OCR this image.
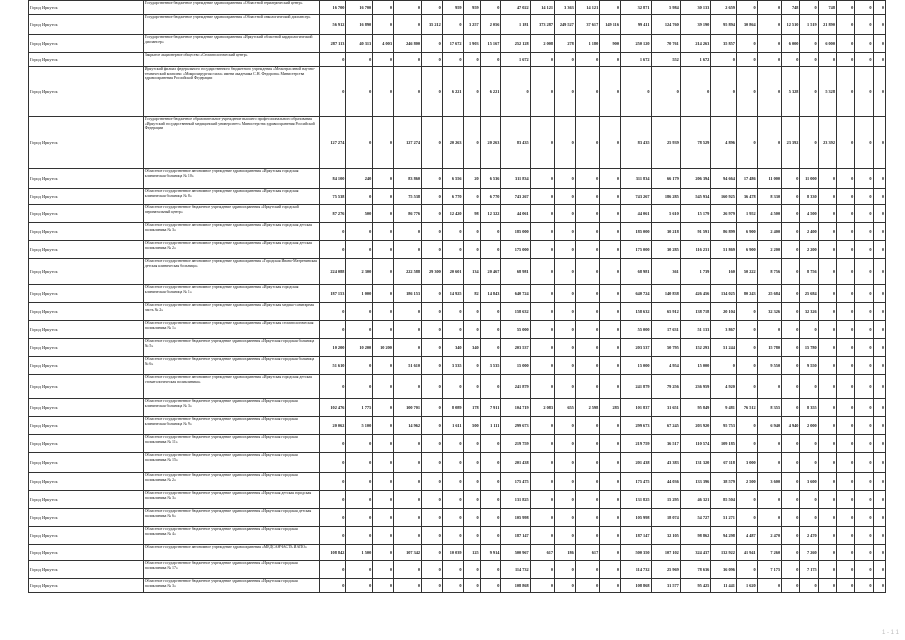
Город Иркутск	Государственное бюджетное учреждение здравоохранения «Областной гериатрический центр»	16 700	16 700	0	0	0	959	959	0	47 022	14 121	3 363	14 121	0	32 871	5 984	30 133	2 659	0	0	748	0	748	0	0	0
Город Иркутск	Государственное бюджетное учреждение здравоохранения «Областной онкологический диспансер»	56 912	16 890	0	0	35 212	0	3 257	2 056	1 181	373 287	249 527	37 617	149 116	99 411	124 760	39 190	95 894	30 864	0	12 510	1 519	21 890	0	0	0
Город Иркутск	Государственное бюджетное учреждение здравоохранения «Иркутский областной кардиологический диспансер»	287 113	40 313	4 003	246 800	0	17 672	1 903	15 167	252 128	2 008	278	1 180	900	250 120	70 761	214 263	35 857	0	0	6 000	0	6 000	0	0	0
Город Иркутск	Закрытое акционерное общество «Стоматологический центр»	0	0	0	0	0	0	0	0	1 672	0	0	0	0	1 672	552	1 672	0	0	0	0	0	0	0	0	0
Город Иркутск	Иркутский филиал федерального государственного бюджетного учреждения «Межотраслевой научно-технический комплекс «Микрохирургия глаза» имени академика С.Н. Федорова» Министерства здравоохранения Российской Федерации	0	0	0	0	0	6 221	0	6 221	0	0	0	0	0	0	0	0	0	0	0	5 328	0	5 328	0	0	0
Город Иркутск	Государственное бюджетное образовательное учреждение высшего профессионального образования «Иркутский государственный медицинский университет» Министерства здравоохранения Российской Федерации	127 274	0	0	127 274	0	20 263	0	20 263	83 435	0	0	0	0	83 435	25 939	78 529	4 896	0	0	23 392	0	23 392	0	0	0
Город Иркутск	Областное государственное автономное учреждение здравоохранения «Иркутская городская клиническая больница № 10»	84 100	240	0	83 860	0	6 556	20	6 536	311 834	0	0	0	0	311 834	66 179	206 394	94 664	17 486	11 000	0	11 000	0	0	0	0
Город Иркутск	Областное государственное автономное учреждение здравоохранения «Иркутская городская клиническая больница № 8»	75 538	0	0	75 538	0	6 770	0	6 770	743 267	0	0	0	0	743 267	186 285	545 934	160 925	36 478	8 330	0	8 330	0	0	0	0
Город Иркутск	Областное государственное бюджетное учреждение здравоохранения «Иркутский городской перинатальный центр»	87 276	500	0	86 776	0	12 420	98	12 322	44 061	0	0	0	0	44 061	5 610	15 179	26 979	1 952	4 500	0	4 500	0	0	0	0
Город Иркутск	Областное государственное автономное учреждение здравоохранения «Иркутская городская детская поликлиника № 3»	0	0	0	0	0	0	0	0	185 000	0	0	0	0	185 000	30 218	91 591	86 899	6 900	2 400	0	2 400	0	0	0	0
Город Иркутск	Областное государственное автономное учреждение здравоохранения «Иркутская городская детская поликлиника № 2»	0	0	0	0	0	0	0	0	175 000	0	0	0	0	175 000	30 285	116 231	51 869	6 900	2 200	0	2 200	0	0	0	0
Город Иркутск	Областное государственное автономное учреждение здравоохранения «Городская Ивано-Матренинская детская клиническая больница»	224 088	2 300	0	222 588	29 300	20 601	134	20 467	68 981	0	0	0	0	68 981	361	1 739	160	50 222	8 756	0	8 756	0	0	0	0
Город Иркутск	Областное государственное автономное учреждение здравоохранения «Иркутская городская клиническая больница № 1»	187 153	1 000	0	186 153	0	14 925	82	14 843	640 724	0	0	0	0	640 724	140 838	426 456	134 025	80 243	25 684	0	25 684	0	0	0	0
Город Иркутск	Областное государственное автономное учреждение здравоохранения «Иркутская медико-санитарная часть № 2»	0	0	0	0	0	0	0	0	158 632	0	0	0	0	158 632	65 912	138 718	20 104	0	32 326	0	32 326	0	0	0	0
Город Иркутск	Областное государственное автономное учреждение здравоохранения «Иркутская стоматологическая поликлиника № 1»	0	0	0	0	0	0	0	0	55 000	0	0	0	0	55 000	17 631	51 133	3 867	0	0	0	0	0	0	0	0
Город Иркутск	Областное государственное бюджетное учреждение здравоохранения «Иркутская городская больница № 5»	10 200	10 200	10 200	0	0	340	340	0	203 537	0	0	0	0	203 537	50 795	152 293	51 244	0	15 780	0	15 780	0	0	0	0
Город Иркутск	Областное государственное бюджетное учреждение здравоохранения «Иркутская городская больница № 6»	51 610	0	0	51 610	0	3 535	0	3 535	15 000	0	0	0	0	15 000	4 954	15 000	0	0	9 550	0	9 550	0	0	0	0
Город Иркутск	Областное государственное автономное учреждение здравоохранения «Иркутская городская детская стоматологическая поликлиника»	0	0	0	0	0	0	0	0	241 879	0	0	0	0	241 879	79 256	236 959	4 920	0	0	0	0	0	0	0	0
Город Иркутск	Областное государственное бюджетное учреждение здравоохранения «Иркутская городская клиническая больница № 3»	102 476	1 775	0	100 701	0	8 089	178	7 911	104 719	2 083	655	2 598	285	101 837	31 651	95 849	9 481	76 512	8 355	0	8 355	0	0	0	0
Город Иркутск	Областное государственное бюджетное учреждение здравоохранения «Иркутская городская клиническая больница № 9»	20 062	5 100	0	14 962	0	1 611	500	1 111	299 673	0	0	0	0	299 673	67 245	203 920	95 753	0	6 940	4 940	2 000	0	0	0	0
Город Иркутск	Областное государственное бюджетное учреждение здравоохранения «Иркутская городская поликлиника № 11»	0	0	0	0	0	0	0	0	219 759	0	0	0	0	219 759	36 517	110 574	109 185	0	0	0	0	0	0	0	0
Город Иркутск	Областное государственное бюджетное учреждение здравоохранения «Иркутская городская поликлиника № 15»	0	0	0	0	0	0	0	0	201 438	0	0	0	0	201 438	43 383	131 320	67 118	3 000	0	0	0	0	0	0	0
Город Иркутск	Областное государственное бюджетное учреждение здравоохранения «Иркутская городская поликлиника № 2»	0	0	0	0	0	0	0	0	175 475	0	0	0	0	175 475	44 036	133 396	38 579	2 500	3 600	0	3 600	0	0	0	0
Город Иркутск	Областное государственное бюджетное учреждение здравоохранения «Иркутская детская городская поликлиника № 3»	0	0	0	0	0	0	0	0	131 825	0	0	0	0	131 825	15 295	46 321	85 504	0	0	0	0	0	0	0	0
Город Иркутск	Областное государственное бюджетное учреждение здравоохранения «Иркутская городская детская поликлиника № 6»	0	0	0	0	0	0	0	0	105 998	0	0	0	0	105 998	18 074	54 727	51 271	0	0	0	0	0	0	0	0
Город Иркутск	Областное государственное бюджетное учреждение здравоохранения «Иркутская городская поликлиника № 4»	0	0	0	0	0	0	0	0	187 147	0	0	0	0	187 147	32 105	98 862	94 298	4 487	2 470	0	2 470	0	0	0	0
Город Иркутск	Областное государственное автономное учреждение здравоохранения «МЕДСАНЧАСТЬ ИАПО»	108 842	1 500	0	107 342	0	10 039	125	9 914	500 967	617	186	617	0	500 350	107 102	324 437	132 922	41 941	7 260	0	7 260	0	0	0	0
Город Иркутск	Областное государственное бюджетное учреждение здравоохранения «Иркутская городская поликлиника № 17»	0	0	0	0	0	0	0	0	114 732	0	0	0	0	114 732	25 969	78 636	36 096	0	7 175	0	7 175	0	0	0	0
Город Иркутск	Областное государственное бюджетное учреждение здравоохранения «Иркутская городская поликлиника № 3»	0	0	0	0	0	0	0	0	108 868	0	0	0	0	108 868	31 577	95 425	11 441	1 620	0	0	0	0	0	0	0
1 - 1 1
